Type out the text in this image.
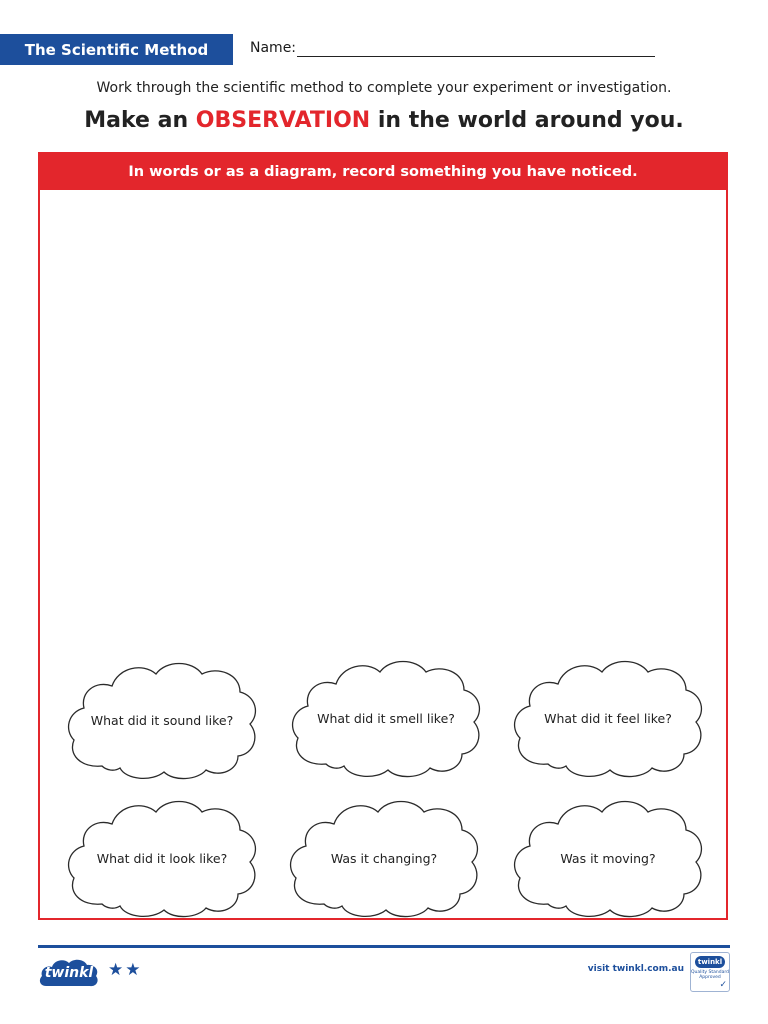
The Scientific Method	Name:
Work through the scientific method to complete your experiment or investigation.
Make an OBSERVATION in the world around you.
In words or as a diagram, record something you have noticed.
What did it sound like?	What did it smell like?	What did it feel like?
What did it look like?	Was it changing?	Was it moving?
twinkl ★★	visit twinkl.com.au
twinkl
Quality Standard Approved
✓
